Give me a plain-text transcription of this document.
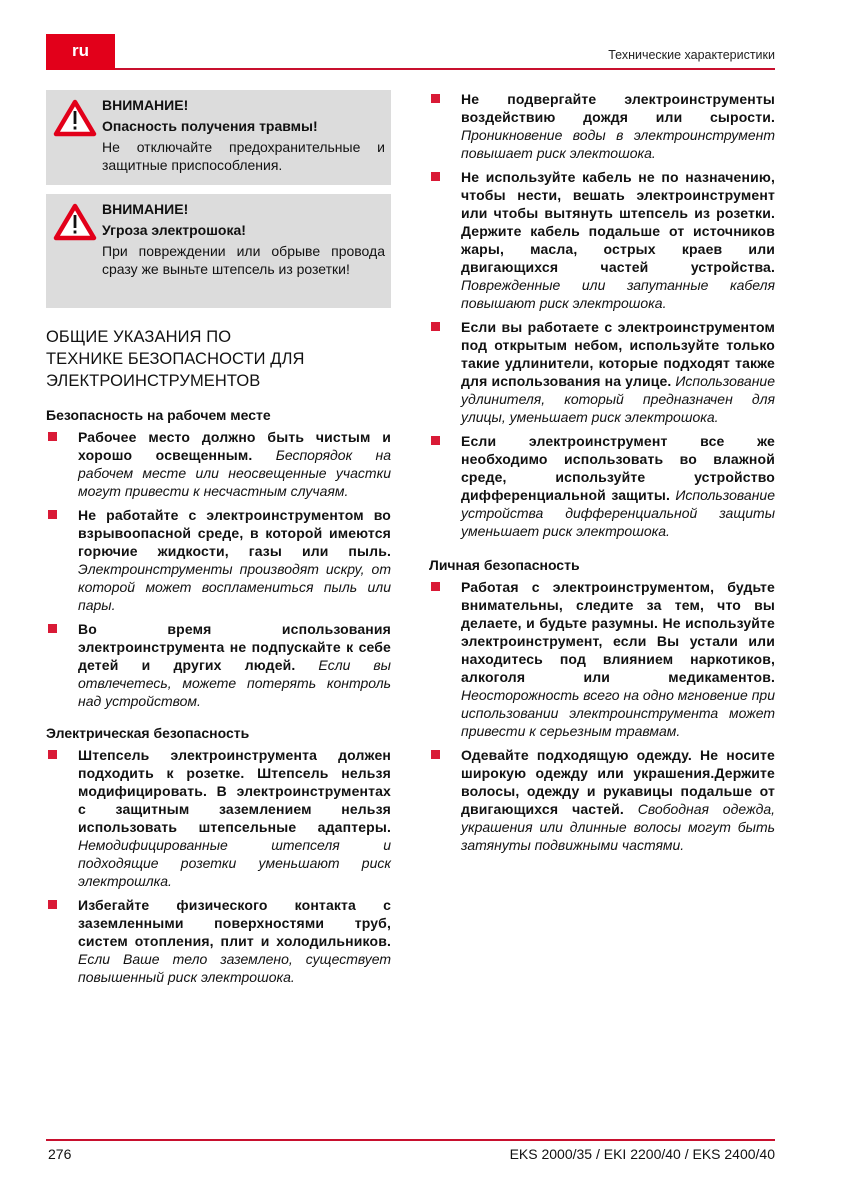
ru	Технические характеристики
ВНИМАНИЕ!
Опасность получения травмы!
Не отключайте предохранительные и защитные приспособления.
ВНИМАНИЕ!
Угроза электрошока!
При повреждении или обрыве провода сразу же выньте штепсель из розетки!
ОБЩИЕ УКАЗАНИЯ ПО
ТЕХНИКЕ БЕЗОПАСНОСТИ ДЛЯ
ЭЛЕКТРОИНСТРУМЕНТОВ
Безопасность на рабочем месте
Рабочее место должно быть чистым и хорошо освещенным. Беспорядок на рабочем месте или неосвещенные участки могут привести к несчастным случаям.
Не работайте с электроинструментом во взрывоопасной среде, в которой имеются горючие жидкости, газы или пыль. Электроинструменты производят искру, от которой может воспламениться пыль или пары.
Во время использования электроинструмента не подпускайте к себе детей и других людей. Если вы отвлечетесь, можете потерять контроль над устройством.
Электрическая безопасность
Штепсель электроинструмента должен подходить к розетке. Штепсель нельзя модифицировать. В электроинструментах с защитным заземлением нельзя использовать штепсельные адаптеры. Немодифицированные штепселя и подходящие розетки уменьшают риск электрошлка.
Избегайте физического контакта с заземленными поверхностями труб, систем отопления, плит и холодильников. Если Ваше тело заземлено, существует повышенный риск электрошока.
Не подвергайте электроинструменты воздействию дождя или сырости. Проникновение воды в электроинструмент повышает риск электошока.
Не используйте кабель не по назначению, чтобы нести, вешать электроинструмент или чтобы вытянуть штепсель из розетки. Держите кабель подальше от источников жары, масла, острых краев или двигающихся частей устройства. Поврежденные или запутанные кабеля повышают риск электрошока.
Если вы работаете с электроинструментом под открытым небом, используйте только такие удлинители, которые подходят также для использования на улице. Использование удлинителя, который предназначен для улицы, уменьшает риск электрошока.
Если электроинструмент все же необходимо использовать во влажной среде, используйте устройство дифференциальной защиты. Использование устройства дифференциальной защиты уменьшает риск электрошока.
Личная безопасность
Работая с электроинструментом, будьте внимательны, следите за тем, что вы делаете, и будьте разумны. Не используйте электроинструмент, если Вы устали или находитесь под влиянием наркотиков, алкоголя или медикаментов. Неосторожность всего на одно мгновение при использовании электроинструмента может привести к серьезным травмам.
Одевайте подходящую одежду. Не носите широкую одежду или украшения.Держите волосы, одежду и рукавицы подальше от двигающихся частей. Свободная одежда, украшения или длинные волосы могут быть затянуты подвижными частями.
276	EKS 2000/35 / EKI 2200/40 / EKS 2400/40
